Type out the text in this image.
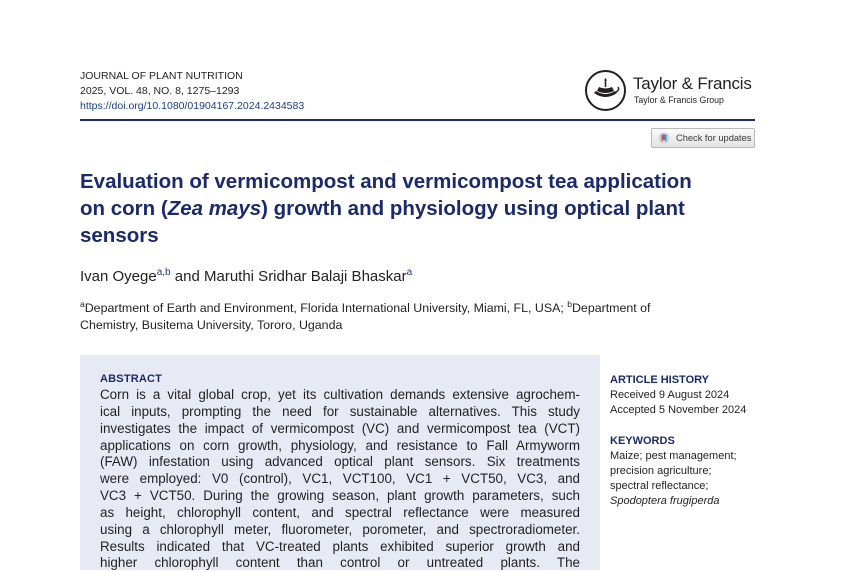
JOURNAL OF PLANT NUTRITION
2025, VOL. 48, NO. 8, 1275–1293
https://doi.org/10.1080/01904167.2024.2434583
Taylor & Francis
Taylor & Francis Group
Check for updates
Evaluation of vermicompost and vermicompost tea application
on corn (Zea mays) growth and physiology using optical plant
sensors
Ivan Oyege$^{a,b}$ and Maruthi Sridhar Balaji Bhaskar$^a$
$^a$Department of Earth and Environment, Florida International University, Miami, FL, USA; $^b$Department of
Chemistry, Busitema University, Tororo, Uganda
ABSTRACT
Corn is a vital global crop, yet its cultivation demands extensive agrochem-
ical inputs, prompting the need for sustainable alternatives. This study
investigates the impact of vermicompost (VC) and vermicompost tea (VCT)
applications on corn growth, physiology, and resistance to Fall Armyworm
(FAW) infestation using advanced optical plant sensors. Six treatments
were employed: V0 (control), VC1, VCT100, VC1 + VCT50, VC3, and
VC3 + VCT50. During the growing season, plant growth parameters, such
as height, chlorophyll content, and spectral reflectance were measured
using a chlorophyll meter, fluorometer, porometer, and spectroradiometer.
Results indicated that VC-treated plants exhibited superior growth and
higher chlorophyll content than control or untreated plants. The
ARTICLE HISTORY
Received 9 August 2024
Accepted 5 November 2024
KEYWORDS
Maize; pest management;
precision agriculture;
spectral reflectance;
Spodoptera frugiperda
